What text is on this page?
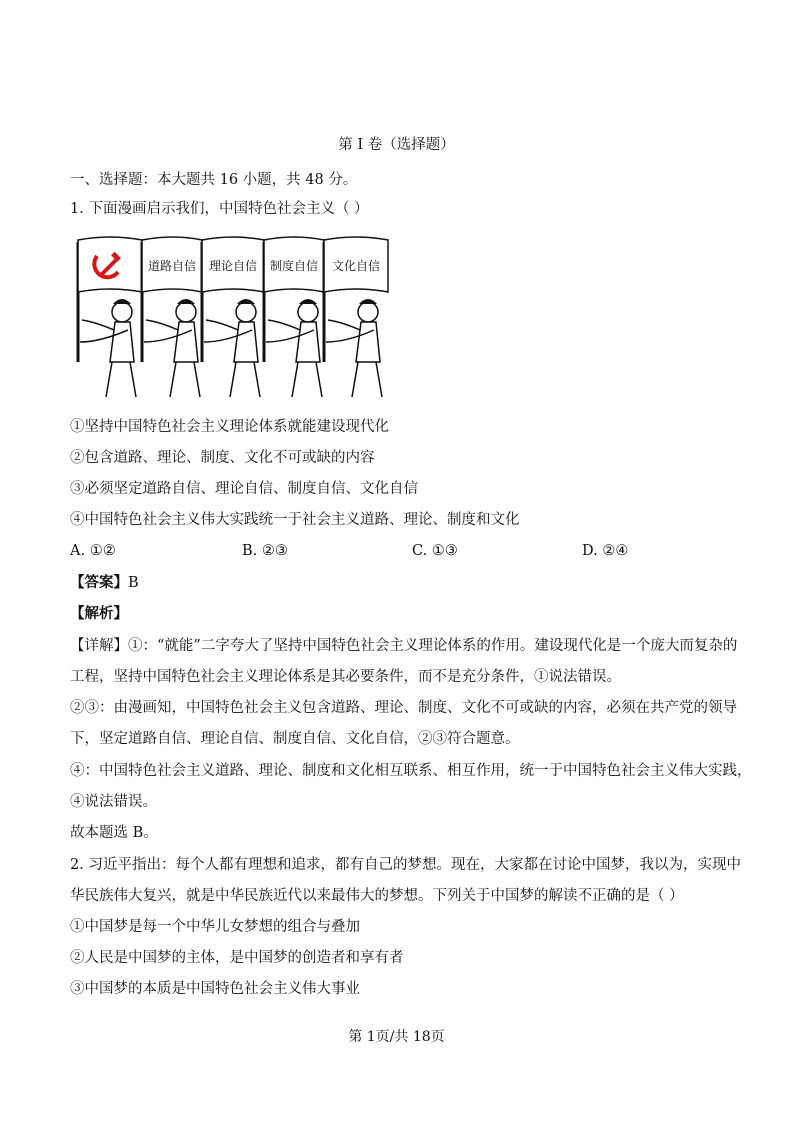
第 I 卷（选择题）
一、选择题：本大题共 16 小题，共 48 分。
1. 下面漫画启示我们，中国特色社会主义（ ）
道路自信 理论自信 制度自信 文化自信
①坚持中国特色社会主义理论体系就能建设现代化
②包含道路、理论、制度、文化不可或缺的内容
③必须坚定道路自信、理论自信、制度自信、文化自信
④中国特色社会主义伟大实践统一于社会主义道路、理论、制度和文化
A. ①②	B. ②③	C. ①③	D. ②④
【答案】B
【解析】
【详解】①：“就能”二字夸大了坚持中国特色社会主义理论体系的作用。建设现代化是一个庞大而复杂的
工程，坚持中国特色社会主义理论体系是其必要条件，而不是充分条件，①说法错误。
②③：由漫画知，中国特色社会主义包含道路、理论、制度、文化不可或缺的内容，必须在共产党的领导
下，坚定道路自信、理论自信、制度自信、文化自信，②③符合题意。
④：中国特色社会主义道路、理论、制度和文化相互联系、相互作用，统一于中国特色社会主义伟大实践，
④说法错误。
故本题选 B。
2. 习近平指出：每个人都有理想和追求，都有自己的梦想。现在，大家都在讨论中国梦，我以为，实现中
华民族伟大复兴，就是中华民族近代以来最伟大的梦想。下列关于中国梦的解读不正确的是（ ）
①中国梦是每一个中华儿女梦想的组合与叠加
②人民是中国梦的主体，是中国梦的创造者和享有者
③中国梦的本质是中国特色社会主义伟大事业
第 1页/共 18页
